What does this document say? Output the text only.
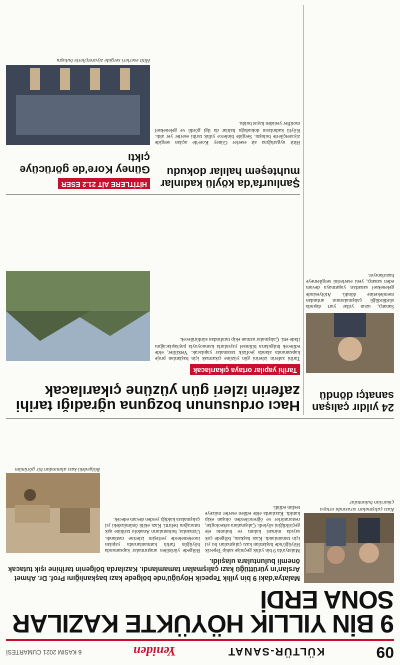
09
KÜLTÜR-SANAT
Yeniden
6 KASIM 2021 CUMARTESİ
9 BİN YILLIK HÖYÜKTE KAZILAR SONA ERDİ
Kazı çalışmaları sırasında ortaya çıkarılan buluntular
Malatya'daki 9 bin yıllık Tepecik Höyüğü'nde bölgede kazı başkanlığını Prof. Dr. Ahmet Arslan'ın yürüttüğü kazı çalışmaları tamamlandı. Kazılarda bölgenin tarihine ışık tutacak önemli buluntulara ulaşıldı.
Malatya'da 9 bin yıllık geçmişe sahip Tepecik Höyüğü'nde başlatılan kazı çalışmaları bu yıl için tamamlandı. Kazı başkanı, bölgede çok sayıda mimari kalıntı ve buluntu ele geçirildiğini söyledi. Çalışmalara arkeologlar, restoratörler ve öğrencilerden oluşan ekip katıldı. Kazılarda elde edilen eserler müzeye teslim edildi.
Bölgede yürütülen araştırmalar kapsamında höyüğün farklı katmanlarında yapılan incelemelerde yerleşim izlerine rastlandı. Uzmanlar, buluntuların Anadolu tarihine ışık tutacağını belirtti. Kazı ekibi önümüzdeki yıl çalışmalara kaldığı yerden devam edecek.
Bölgedeki kazı alanından bir görünüm
Hacı ordusunun bozguna uğradığı tarihi zaferin izleri gün yüzüne çıkarılacak
Tarihi yapılar ortaya çıkarılacak
Tarihi zaferin izlerini gün yüzüne çıkarmak için başlatılan proje kapsamında alanda jeofizik taramalar yapılacak. Yetkililer, elde edilecek bulguların bilimsel yayınlarla kamuoyuyla paylaşılacağını ifade etti. Çalışmalar uzman ekip tarafından sürdürülecek.
24 yıldır çalışan sanatçı döndü
Sanatçı, uzun yıllar yurt dışında sürdürdüğü çalışmalarının ardından memleketine döndü. Atölyesinde geleneksel sanatları yaşatmaya devam eden sanatçı, yeni eserlerini sergilemeye hazırlanıyor.
HİTİTLERE AİT 21.2 ESER
Güney Kore'de görücüye çıktı
Hitit eserleri sergide ziyaretçilerle buluştu
Şanlıurfa'da köylü kadınlar muhteşem halılar dokudu
Hitit uygarlığına ait eserler Güney Kore'de açılan sergide ziyaretçilerle buluştu. Sergide binlerce yıllık tarihi eserler yer aldı. Köylü kadınların dokuduğu halılar da ilgi gördü ve geleneksel motifler yeniden hayat buldu.
